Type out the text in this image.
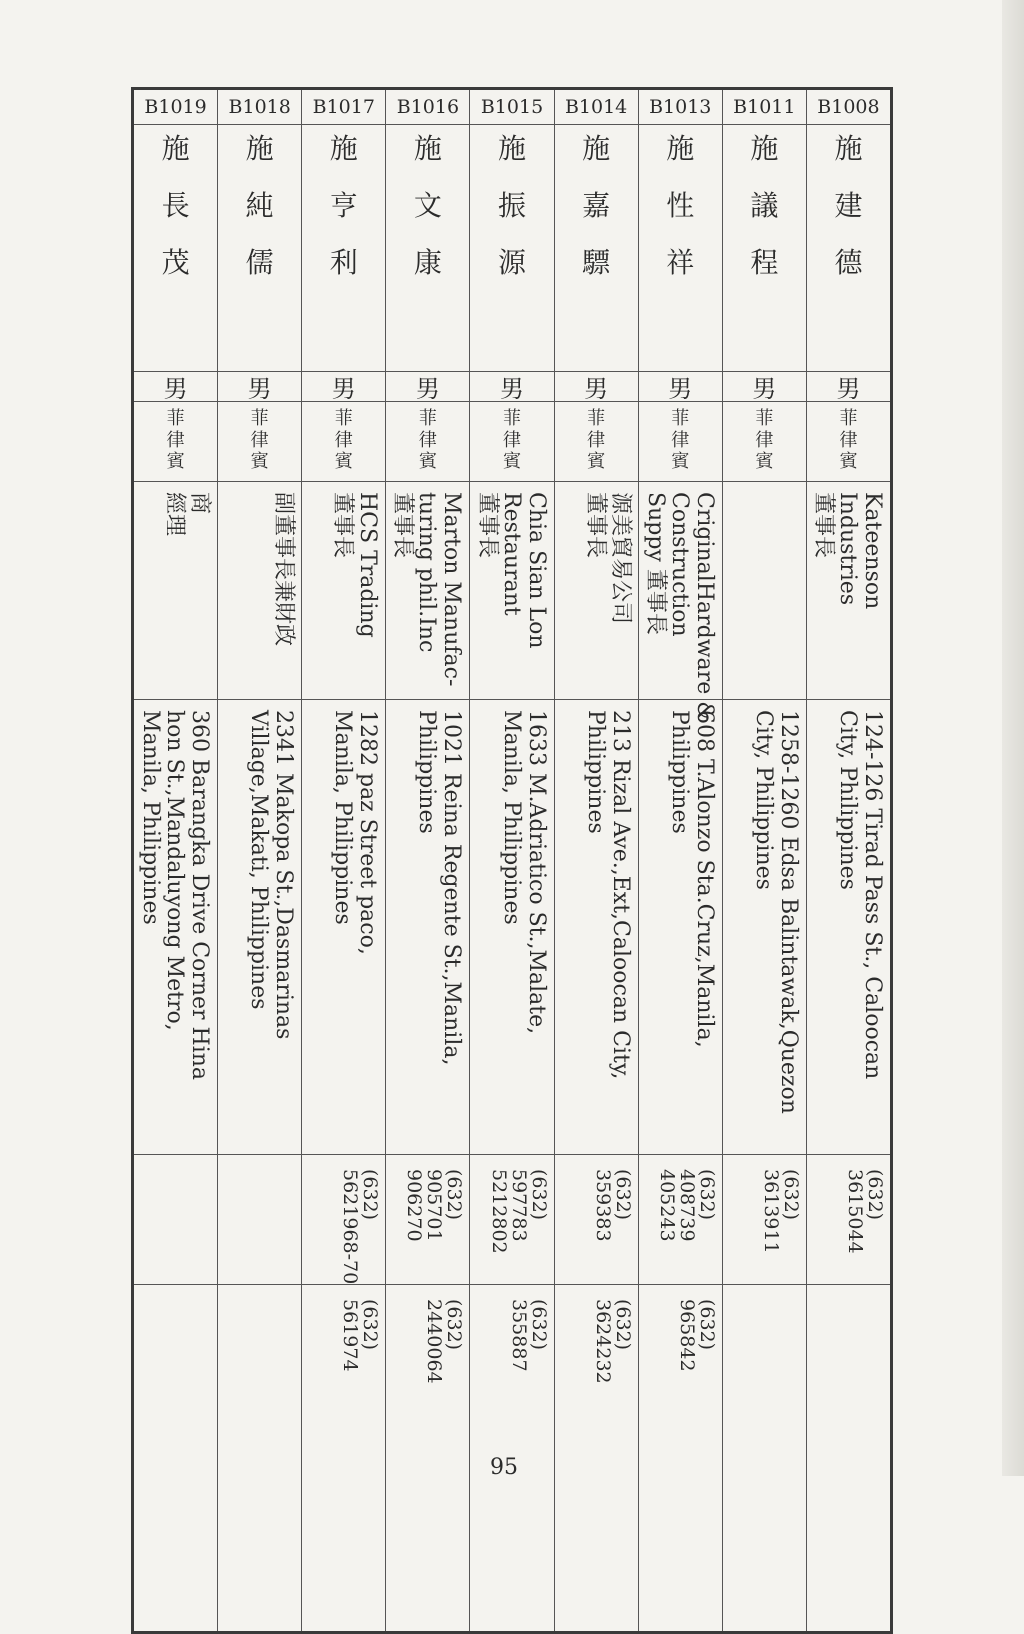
B1008
施
建
德
男
菲
律
賓
Kateenson
Industries
董事長
124-126 Tirad Pass St., Caloocan
City, Philippines
(632)
3615044
B1011
施
議
程
男
菲
律
賓
1258-1260 Edsa Balintawak,Quezon
City, Philippines
(632)
3613911
B1013
施
性
祥
男
菲
律
賓
CriginalHardware &
Construction
Suppy 董事長
608 T.Alonzo Sta.Cruz,Manila,
Philippines
(632)
408739
405243
(632)
965842
B1014
施
嘉
驃
男
菲
律
賓
源美貿易公司
董事長
213 Rizal Ave.,Ext,Caloocan City,
Philippines
(632)
359383
(632)
3624232
B1015
施
振
源
男
菲
律
賓
Chia Sian Lon
Restaurant
董事長
1633 M.Adriatico St.,Malate,
Manila, Philippines
(632)
597783
5212802
(632)
355887
B1016
施
文
康
男
菲
律
賓
Marton Manufac-
turing phil.Inc
董事長
1021 Reina Regente St.,Manila,
Philippines
(632)
905701
906270
(632)
2440064
B1017
施
亨
利
男
菲
律
賓
HCS Trading
董事長
1282 paz Street paco,
Manila, Philippines
(632)
5621968-70
(632)
561974
B1018
施
純
儒
男
菲
律
賓
副董事長兼財政
2341 Makopa St.,Dasmarinas
Village,Makati, Philippines
B1019
施
長
茂
男
菲
律
賓
商
經理
360 Barangka Drive Corner Hina
hon St.,Mandaluyong Metro,
Manila, Philippines
95
